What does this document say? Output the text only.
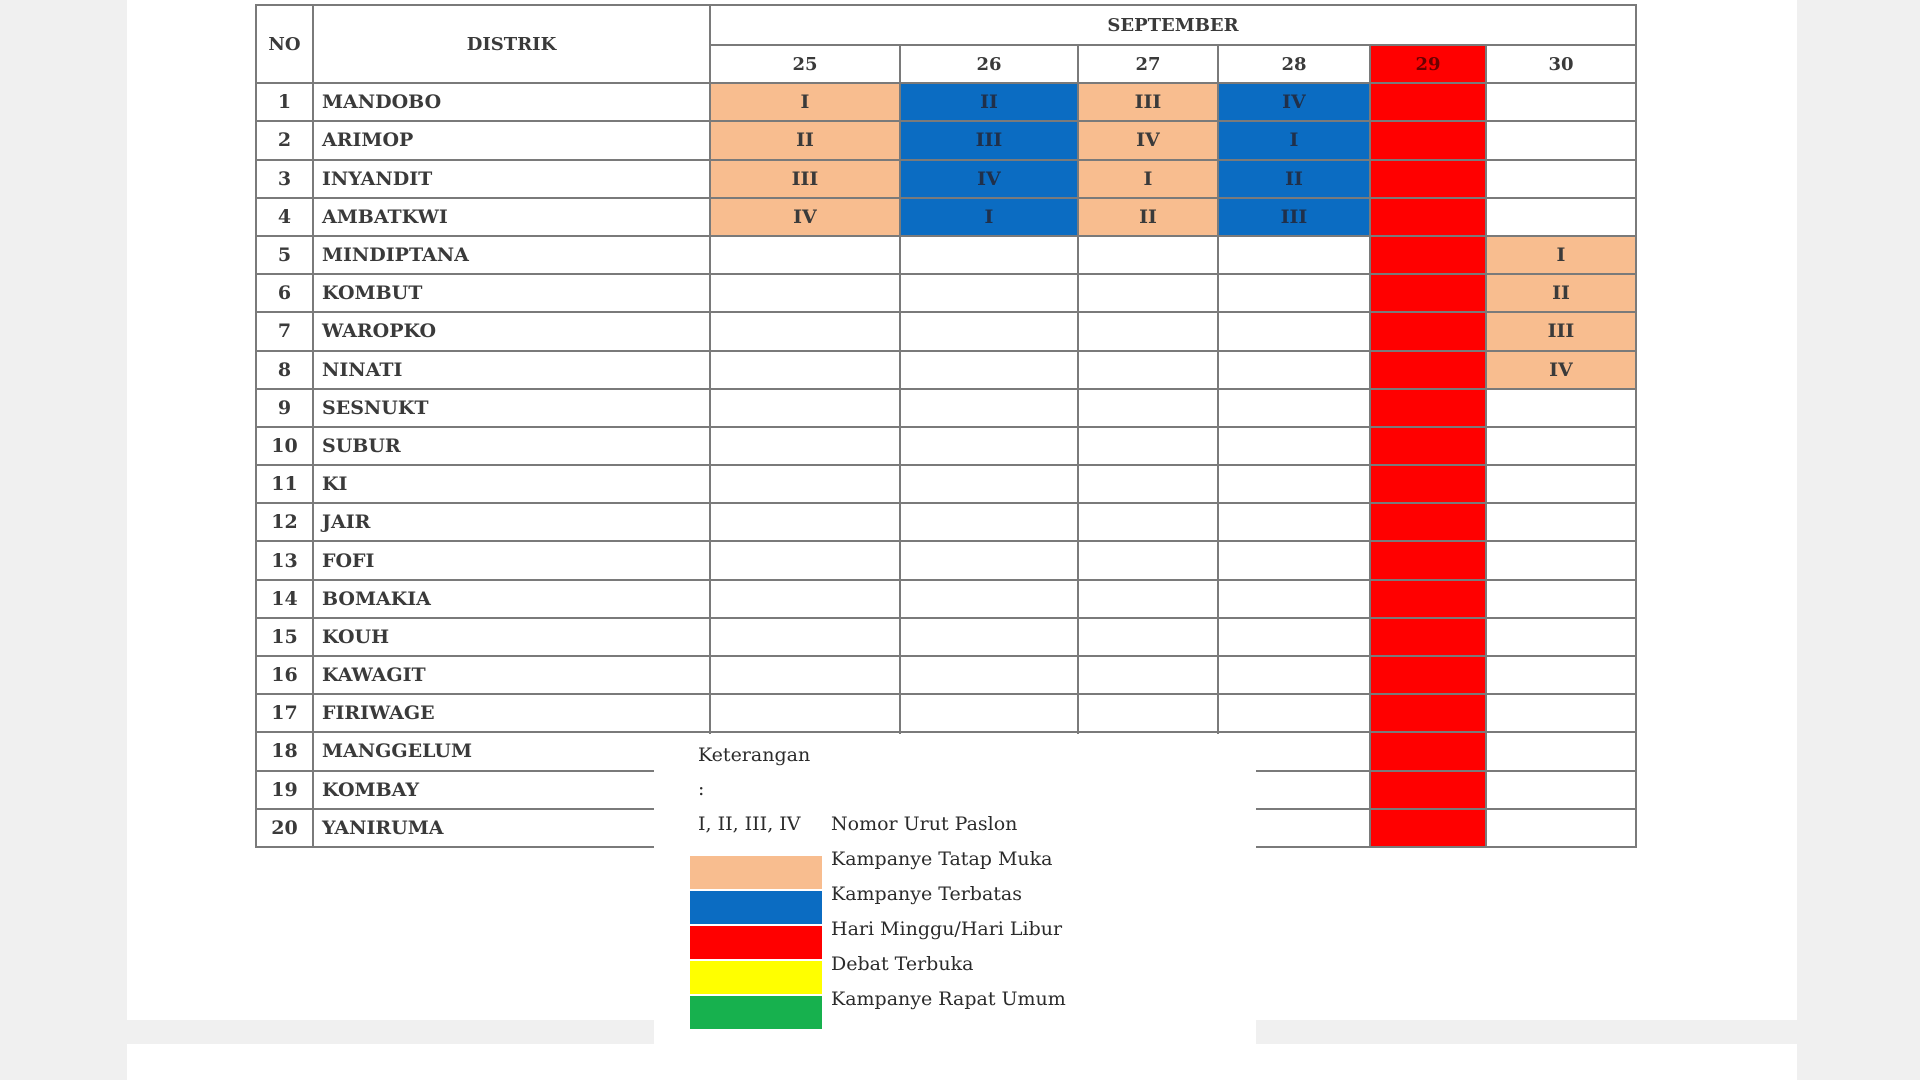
NO	DISTRIK	SEPTEMBER					
		25	26	27	28	29	30
1	MANDOBO	I	II	III	IV		
2	ARIMOP	II	III	IV	I		
3	INYANDIT	III	IV	I	II		
4	AMBATKWI	IV	I	II	III		
5	MINDIPTANA						I
6	KOMBUT						II
7	WAROPKO						III
8	NINATI						IV
9	SESNUKT						
10	SUBUR						
11	KI						
12	JAIR						
13	FOFI						
14	BOMAKIA						
15	KOUH						
16	KAWAGIT						
17	FIRIWAGE						
18	MANGGELUM						
19	KOMBAY						
20	YANIRUMA						
Keterangan
:
I, II, III, IV Nomor Urut Paslon
Kampanye Tatap Muka
Kampanye Terbatas
Hari Minggu/Hari Libur
Debat Terbuka
Kampanye Rapat Umum
